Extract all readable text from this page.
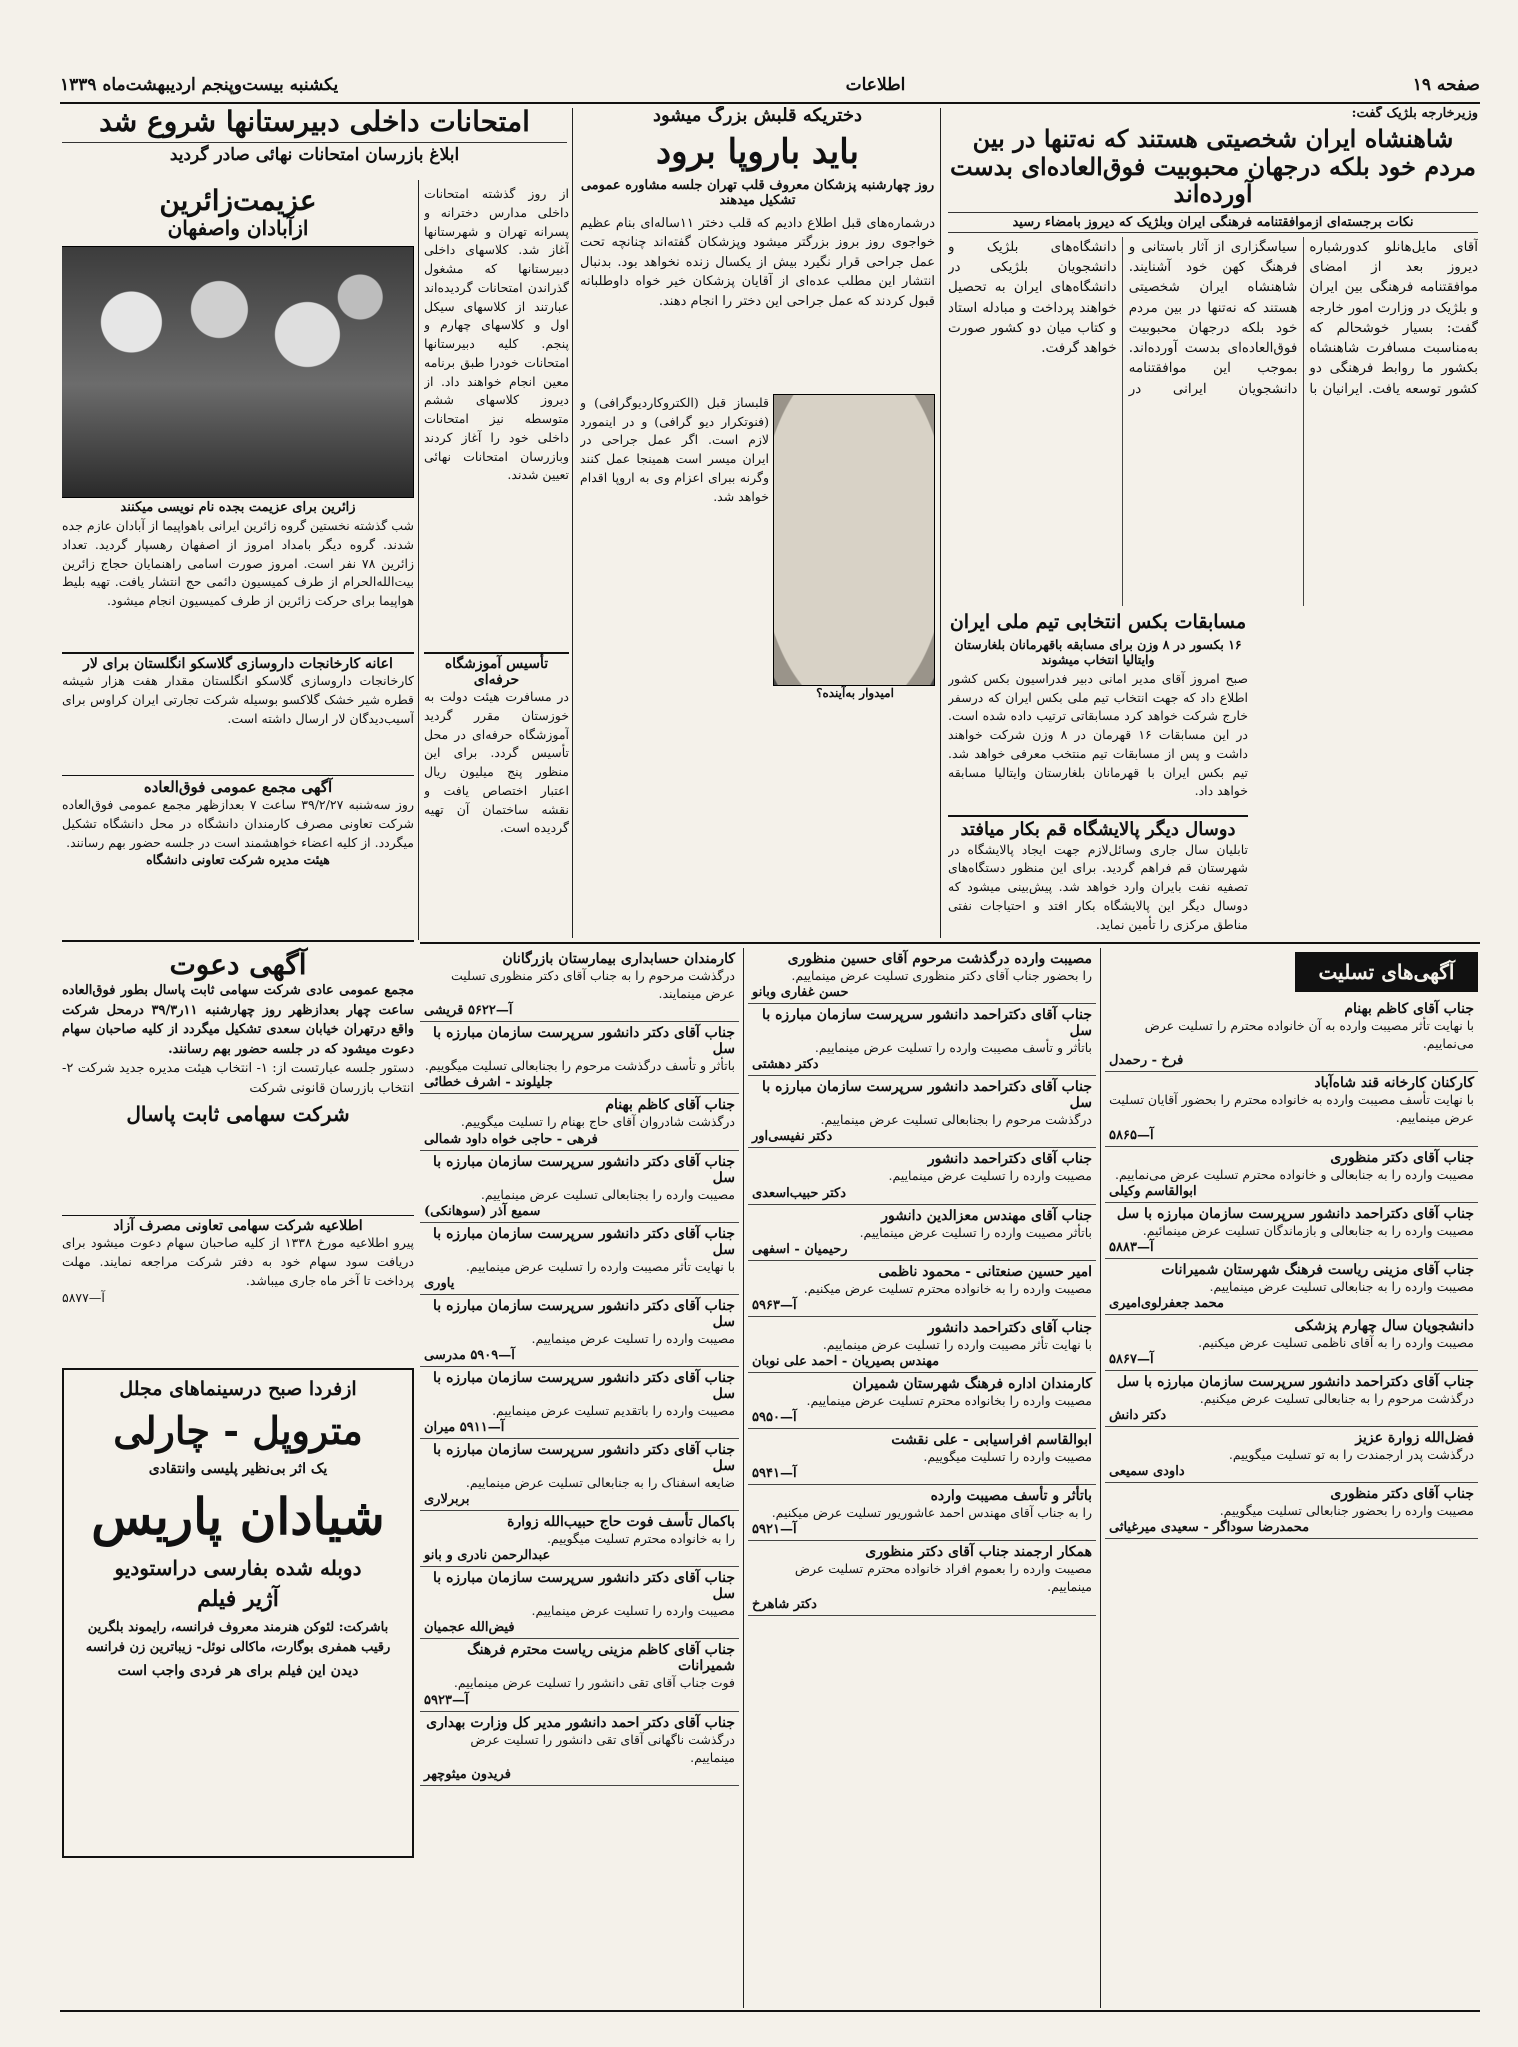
صفحه ۱۹
اطلاعات
یکشنبه بیست‌وپنجم اردیبهشت‌ماه ۱۳۳۹
وزیرخارجه بلژیک گفت:
شاهنشاه ایران شخصیتی هستند که نه‌تنها در بین مردم خود بلکه درجهان محبوبیت فوق‌العاده‌ای بدست آورده‌اند
نکات برجسته‌ای ازموافقتنامه فرهنگی ایران وبلژیک که دیروز بامضاء رسید
آقای مایل‌هانلو کدورشباره دیروز بعد از امضای موافقتنامه فرهنگی بین ایران و بلژیک در وزارت امور خارجه گفت: بسیار خوشحالم که به‌مناسبت مسافرت شاهنشاه بکشور ما روابط فرهنگی دو کشور توسعه یافت. ایرانیان با سیاسگزاری از آثار باستانی و فرهنگ کهن خود آشنایند. شاهنشاه ایران شخصیتی هستند که نه‌تنها در بین مردم خود بلکه درجهان محبوبیت فوق‌العاده‌ای بدست آورده‌اند. بموجب این موافقتنامه دانشجویان ایرانی در دانشگاه‌های بلژیک و دانشجویان بلژیکی در دانشگاه‌های ایران به تحصیل خواهند پرداخت و مبادله استاد و کتاب میان دو کشور صورت خواهد گرفت.
مسابقات بکس انتخابی تیم ملی ایران
۱۶ بکسور در ۸ وزن برای مسابقه باقهرمانان بلغارستان وایتالیا انتخاب میشوند
صبح امروز آقای مدیر امانی دبیر فدراسیون بکس کشور اطلاع داد که جهت انتخاب تیم ملی بکس ایران که درسفر خارج شرکت خواهد کرد مسابقاتی ترتیب داده شده است. در این مسابقات ۱۶ قهرمان در ۸ وزن شرکت خواهند داشت و پس از مسابقات تیم منتخب معرفی خواهد شد. تیم بکس ایران با قهرمانان بلغارستان وایتالیا مسابقه خواهد داد.
دوسال دیگر پالایشگاه قم بکار میافتد
تابلیان سال جاری وسائل‌لازم جهت ایجاد پالایشگاه در شهرستان قم فراهم گردید. برای این منظور دستگاه‌های تصفیه نفت بایران وارد خواهد شد. پیش‌بینی میشود که دوسال دیگر این پالایشگاه بکار افتد و احتیاجات نفتی مناطق مرکزی را تأمین نماید.
دختریکه قلبش بزرگ میشود
باید باروپا برود
روز چهارشنبه پزشکان معروف قلب تهران جلسه مشاوره عمومی تشکیل میدهند
درشماره‌های قبل اطلاع دادیم که قلب دختر ۱۱ساله‌ای بنام عظیم خواجوی روز بروز بزرگتر میشود وپزشکان گفته‌اند چنانچه تحت عمل جراحی قرار نگیرد بیش از یکسال زنده نخواهد بود. بدنبال انتشار این مطلب عده‌ای از آقایان پزشکان خیر خواه داوطلبانه قبول کردند که عمل جراحی این دختر را انجام دهند.
امیدوار به‌آینده؟
قلبساز قبل (الکتروکاردیوگرافی) و (فنوتکرار دیو گرافی) و در اینمورد لازم است. اگر عمل جراحی در ایران میسر است همینجا عمل کنند وگرنه ببرای اعزام وی به اروپا اقدام خواهد شد.
امتحانات داخلی دبیرستانها شروع شد
ابلاغ بازرسان امتحانات نهائی صادر گردید
از روز گذشته امتحانات داخلی مدارس دخترانه و پسرانه تهران و شهرستانها آغاز شد. کلاسهای داخلی دبیرستانها که مشغول گذراندن امتحانات گردیده‌اند عبارتند از کلاسهای سیکل اول و کلاسهای چهارم و پنجم. کلیه دبیرستانها امتحانات خودرا طبق برنامه معین انجام خواهند داد. از دیروز کلاسهای ششم متوسطه نیز امتحانات داخلی خود را آغاز کردند وبازرسان امتحانات نهائی تعیین شدند.
عزیمت‌زائرین
ازآبادان واصفهان
زائرین برای عزیمت بجده نام نویسی میکنند
شب گذشته نخستین گروه زائرین ایرانی باهواپیما از آبادان عازم جده شدند. گروه دیگر بامداد امروز از اصفهان رهسپار گردید. تعداد زائرین ۷۸ نفر است. امروز صورت اسامی راهنمایان حجاج زائرین بیت‌الله‌الحرام از طرف کمیسیون دائمی حج انتشار یافت. تهیه بلیط هواپیما برای حرکت زائرین از طرف کمیسیون انجام میشود.
تأسیس آموزشگاه حرفه‌ای
در مسافرت هیئت دولت به خوزستان مقرر گردید آموزشگاه حرفه‌ای در محل تأسیس گردد. برای این منظور پنج میلیون ریال اعتبار اختصاص یافت و نقشه ساختمان آن تهیه گردیده است.
اعانه کارخانجات داروسازی گلاسکو انگلستان برای لار
کارخانجات داروسازی گلاسکو انگلستان مقدار هفت هزار شیشه قطره شیر خشک گلاکسو بوسیله شرکت تجارتی ایران کراوس برای آسیب‌دیدگان لار ارسال داشته است.
آگهی مجمع عمومی فوق‌العاده
روز سه‌شنبه ۳۹/۲/۲۷ ساعت ۷ بعدازظهر مجمع عمومی فوق‌العاده شرکت تعاونی مصرف کارمندان دانشگاه در محل دانشگاه تشکیل میگردد. از کلیه اعضاء خواهشمند است در جلسه حضور بهم رسانند.
هیئت مدیره شرکت تعاونی دانشگاه
آگهی دعوت
مجمع عمومی عادی شرکت سهامی ثابت پاسال بطور فوق‌العاده ساعت چهار بعدازظهر روز چهارشنبه ۱۱ر۳۹/۳ درمحل شرکت واقع درتهران خیابان سعدی تشکیل میگردد از کلیه صاحبان سهام دعوت میشود که در جلسه حضور بهم رسانند.
دستور جلسه عبارتست از: ۱- انتخاب هیئت مدیره جدید شرکت ۲- انتخاب بازرسان قانونی شرکت
شرکت سهامی ثابت پاسال
اطلاعیه شرکت سهامی تعاونی مصرف آزاد
پیرو اطلاعیه مورخ ۱۳۳۸ از کلیه صاحبان سهام دعوت میشود برای دریافت سود سهام خود به دفتر شرکت مراجعه نمایند. مهلت پرداخت تا آخر ماه جاری میباشد.
آ—۵۸۷۷
ازفردا صبح درسینماهای مجلل
متروپل - چارلی
یک اثر بی‌نظیر پلیسی وانتقادی
شیادان پاریس
دوبله شده بفارسی دراستودیو
آژیر فیلم
باشرکت: لئوکن هنرمند معروف فرانسه، رایموند بلگرین رقیب همفری بوگارت، ماکالی نوئل- زیباترین زن فرانسه
دیدن این فیلم برای هر فردی واجب است
آگهی‌های تسلیت
جناب آقای کاظم بهنام
با نهایت تأثر مصیبت وارده به آن خانواده محترم را تسلیت عرض می‌نماییم.
فرخ - رحمدل
کارکنان کارخانه قند شاه‌آباد
با نهایت تأسف مصیبت وارده به خانواده محترم را بحضور آقایان تسلیت عرض مینماییم.
آ—۵۸۶۵
جناب آقای دکتر منظوری
مصیبت وارده را به جنابعالی و خانواده محترم تسلیت عرض می‌نماییم.
ابوالقاسم وکیلی
جناب آقای دکتراحمد دانشور سرپرست سازمان مبارزه با سل
مصیبت وارده را به جنابعالی و بازماندگان تسلیت عرض مینمائیم.
آ—۵۸۸۳
جناب آقای مزینی ریاست فرهنگ شهرستان شمیرانات
مصیبت وارده را به جنابعالی تسلیت عرض مینماییم.
محمد جعفرلوی‌امیری
دانشجویان سال چهارم پزشکی
مصیبت وارده را به آقای ناظمی تسلیت عرض میکنیم.
آ—۵۸۶۷
جناب آقای دکتراحمد دانشور سرپرست سازمان مبارزه با سل
درگذشت مرحوم را به جنابعالی تسلیت عرض میکنیم.
دکتر دانش
فضل‌الله زوارة عزیز
درگذشت پدر ارجمندت را به تو تسلیت میگوییم.
داودی سمیعی
جناب آقای دکتر منظوری
مصیبت وارده را بحضور جنابعالی تسلیت میگوییم.
محمدرضا سوداگر - سعیدی میرغیاثی
مصیبت وارده درگذشت مرحوم آقای حسین منظوری
را بحضور جناب آقای دکتر منظوری تسلیت عرض مینماییم.
حسن غفاری وبانو
جناب آقای دکتراحمد دانشور سرپرست سازمان مبارزه با سل
باتأثر و تأسف مصیبت وارده را تسلیت عرض مینماییم.
دکتر دهشتی
جناب آقای دکتراحمد دانشور سرپرست سازمان مبارزه با سل
درگذشت مرحوم را بجنابعالی تسلیت عرض مینماییم.
دکتر نفیسی‌اور
جناب آقای دکتراحمد دانشور
مصیبت وارده را تسلیت عرض مینماییم.
دکتر حبیب‌اسعدی
جناب آقای مهندس معزالدین دانشور
باتأثر مصیبت وارده را تسلیت عرض مینماییم.
رحیمیان - اسفهی
امیر حسین صنعتانی - محمود ناظمی
مصیبت وارده را به خانواده محترم تسلیت عرض میکنیم.
آ—۵۹۶۳
جناب آقای دکتراحمد دانشور
با نهایت تأثر مصیبت وارده را تسلیت عرض مینماییم.
مهندس بصیریان - احمد علی نوبان
کارمندان اداره فرهنگ شهرستان شمیران
مصیبت وارده را بخانواده محترم تسلیت عرض مینماییم.
آ—۵۹۵۰
ابوالقاسم افراسیابی - علی نقشت
مصیبت وارده را تسلیت میگوییم.
آ—۵۹۴۱
باتأثر و تأسف مصیبت وارده
را به جناب آقای مهندس احمد عاشوریور تسلیت عرض میکنیم.
آ—۵۹۲۱
همکار ارجمند جناب آقای دکتر منظوری
مصیبت وارده را بعموم افراد خانواده محترم تسلیت عرض مینماییم.
دکتر شاهرخ
کارمندان حسابداری بیمارستان بازرگانان
درگذشت مرحوم را به جناب آقای دکتر منظوری تسلیت عرض مینمایند.
آ—۵۶۲۲ قریشی
جناب آقای دکتر دانشور سرپرست سازمان مبارزه با سل
باتأثر و تأسف درگذشت مرحوم را بجنابعالی تسلیت میگوییم.
جلیلوند - اشرف خطائی
جناب آقای کاظم بهنام
درگذشت شادروان آقای حاج بهنام را تسلیت میگوییم.
فرهی - حاجی خواه داود شمالی
جناب آقای دکتر دانشور سرپرست سازمان مبارزه با سل
مصیبت وارده را بجنابعالی تسلیت عرض مینماییم.
سمیع آذر (سوهانکی)
جناب آقای دکتر دانشور سرپرست سازمان مبارزه با سل
با نهایت تأثر مصیبت وارده را تسلیت عرض مینماییم.
یاوری
جناب آقای دکتر دانشور سرپرست سازمان مبارزه با سل
مصیبت وارده را تسلیت عرض مینماییم.
آ—۵۹۰۹ مدرسی
جناب آقای دکتر دانشور سرپرست سازمان مبارزه با سل
مصیبت وارده را باتقدیم تسلیت عرض مینماییم.
آ—۵۹۱۱ میران
جناب آقای دکتر دانشور سرپرست سازمان مبارزه با سل
ضایعه اسفناک را به جنابعالی تسلیت عرض مینماییم.
بربرلاری
باکمال تأسف فوت حاج حبیب‌الله زوارة
را به خانواده محترم تسلیت میگوییم.
عبدالرحمن نادری و بانو
جناب آقای دکتر دانشور سرپرست سازمان مبارزه با سل
مصیبت وارده را تسلیت عرض مینماییم.
فیض‌الله عجمیان
جناب آقای کاظم مزینی ریاست محترم فرهنگ شمیرانات
فوت جناب آقای تقی دانشور را تسلیت عرض مینماییم.
آ—۵۹۲۳
جناب آقای دکتر احمد دانشور مدیر کل وزارت بهداری
درگذشت ناگهانی آقای تقی دانشور را تسلیت عرض مینماییم.
فریدون میثوچهر
